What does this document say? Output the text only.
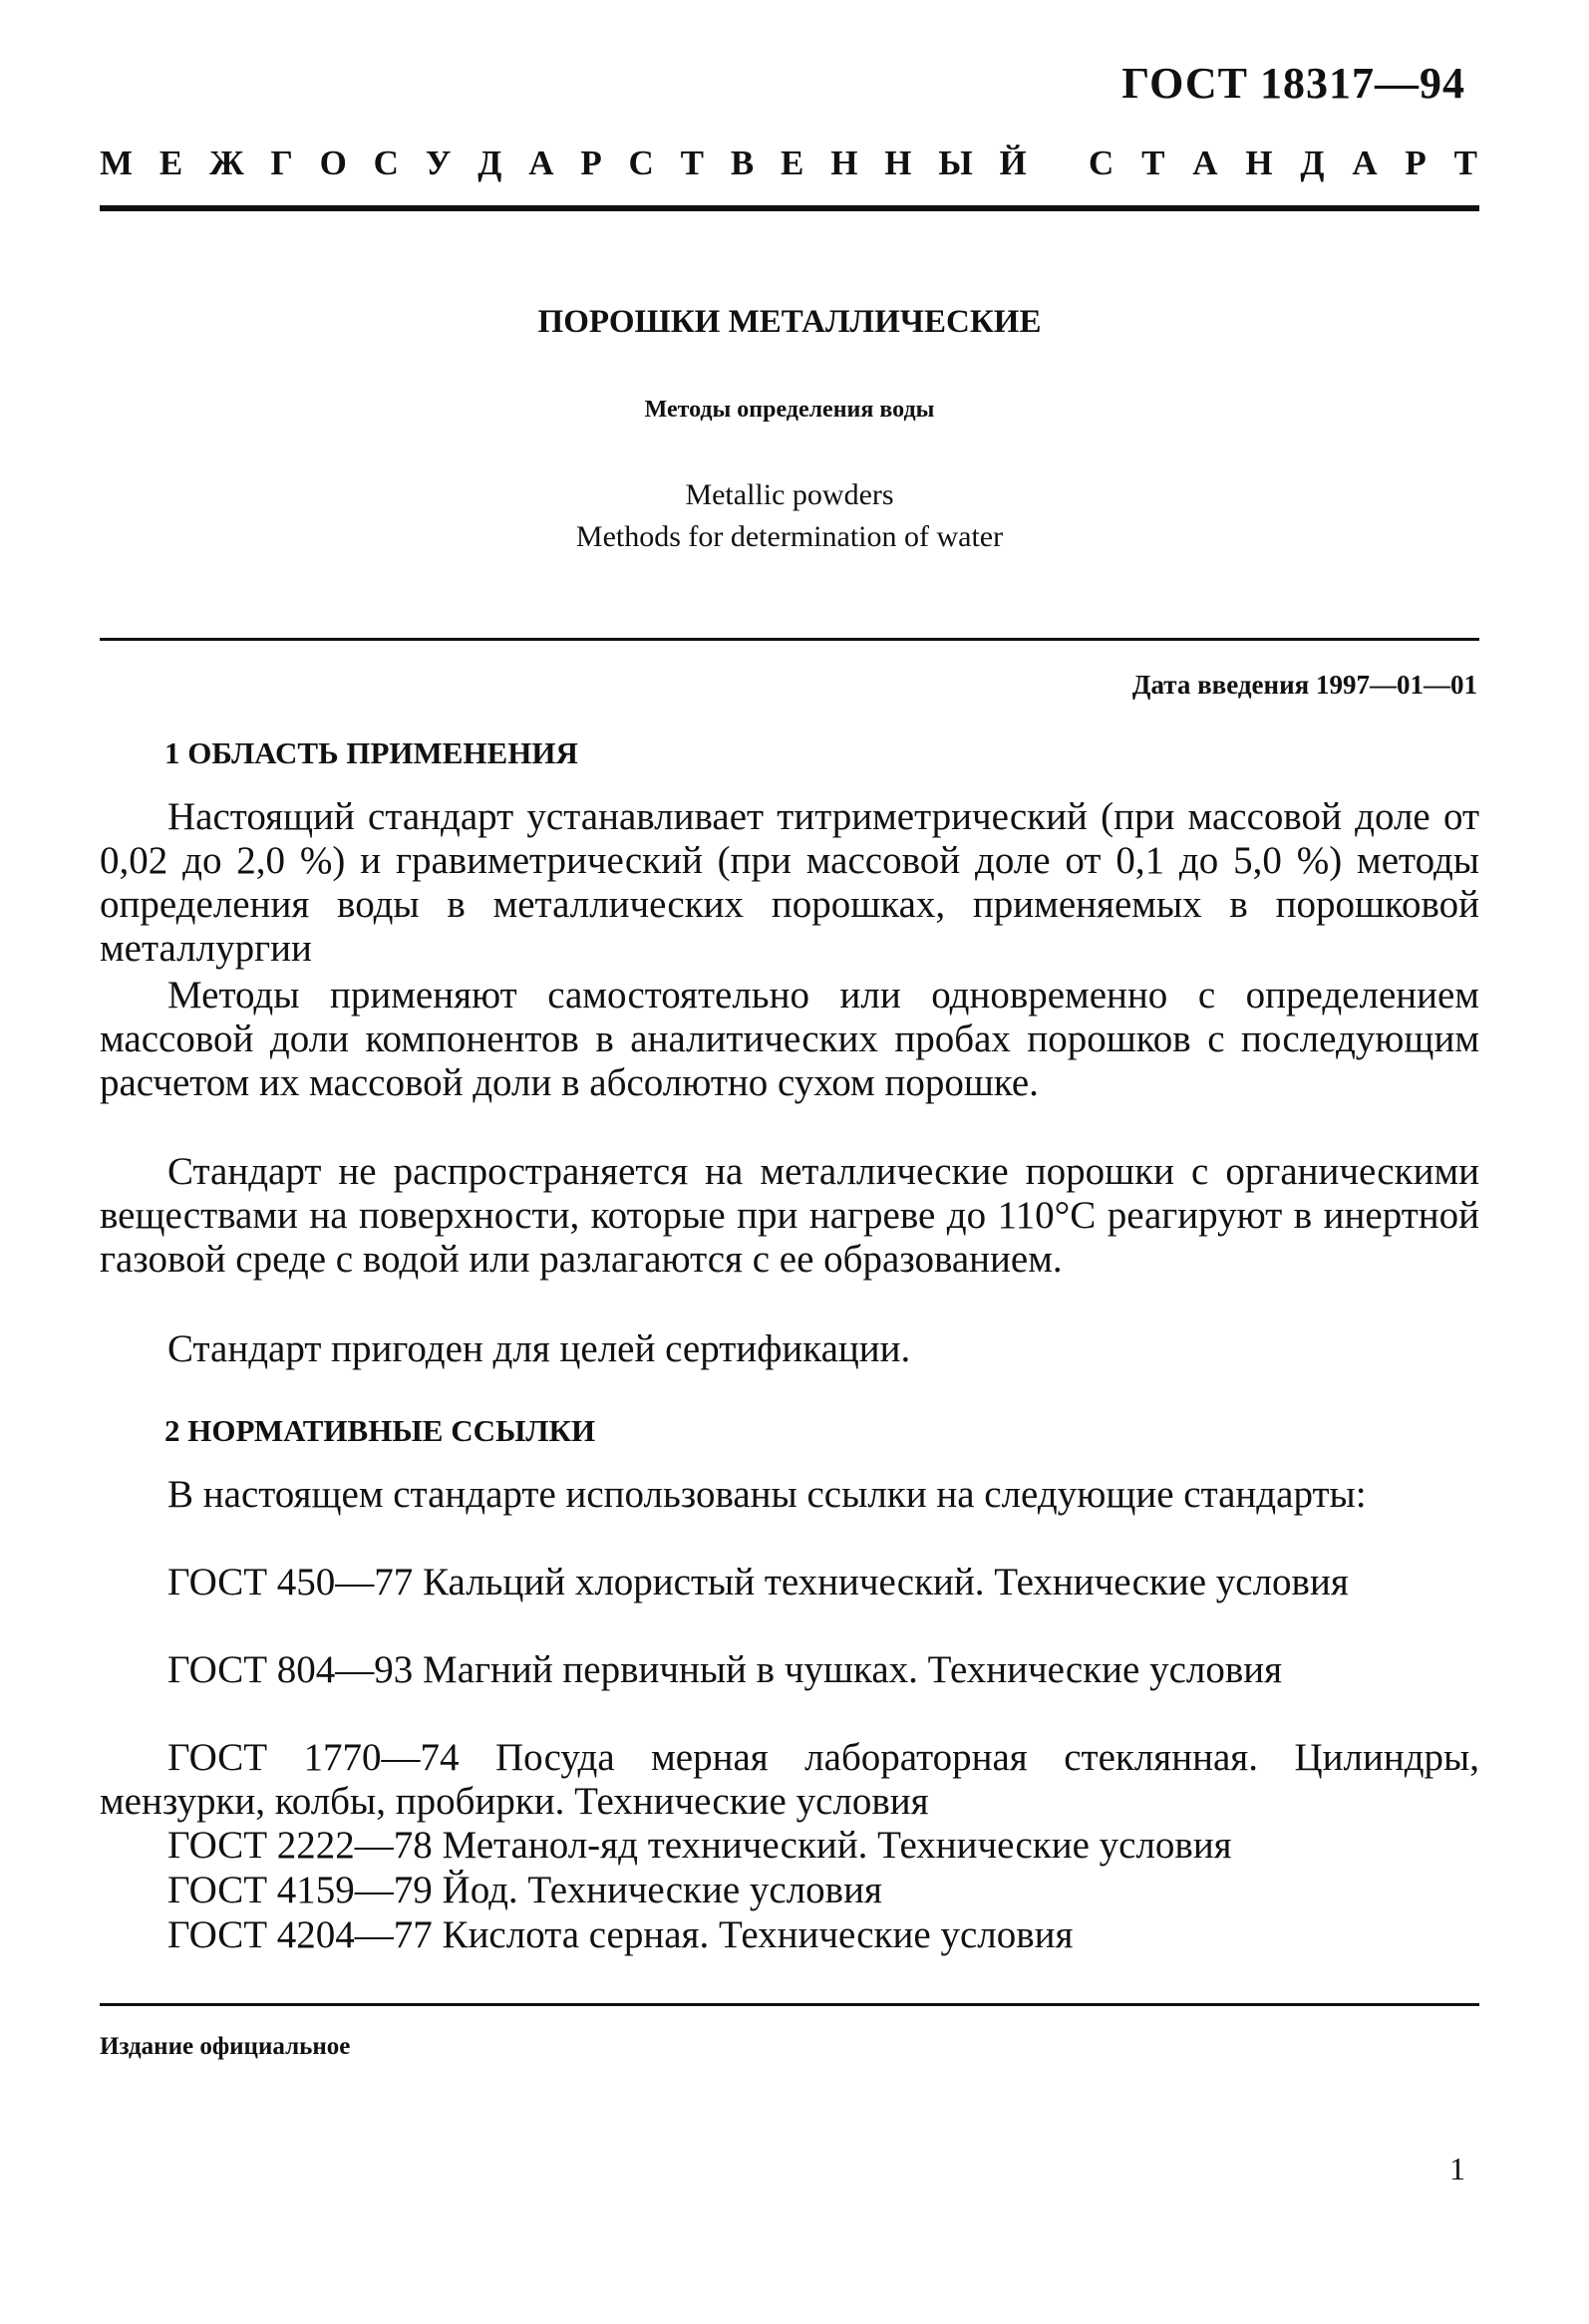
ГОСТ 18317—94
М Е Ж Г О С У Д А Р С Т В Е Н Н Ы Й С Т А Н Д А Р Т
ПОРОШКИ МЕТАЛЛИЧЕСКИЕ
Методы определения воды
Metallic powders
Methods for determination of water
Дата введения 1997—01—01
1 ОБЛАСТЬ ПРИМЕНЕНИЯ
Настоящий стандарт устанавливает титриметрический (при массовой доле от 0,02 до 2,0 %) и гравиметрический (при массовой доле от 0,1 до 5,0 %) методы определения воды в металлических порошках, применяемых в порошковой металлургии
Методы применяют самостоятельно или одновременно с определением массовой доли компонентов в аналитических пробах порошков с последующим расчетом их массовой доли в абсолютно сухом порошке.
Стандарт не распространяется на металлические порошки с органическими веществами на поверхности, которые при нагреве до 110°С реагируют в инертной газовой среде с водой или разлагаются с ее образованием.
Стандарт пригоден для целей сертификации.
2 НОРМАТИВНЫЕ ССЫЛКИ
В настоящем стандарте использованы ссылки на следующие стандарты:
ГОСТ 450—77 Кальций хлористый технический. Технические условия
ГОСТ 804—93 Магний первичный в чушках. Технические условия
ГОСТ 1770—74 Посуда мерная лабораторная стеклянная. Цилиндры, мензурки, колбы, пробирки. Технические условия
ГОСТ 2222—78 Метанол-яд технический. Технические условия
ГОСТ 4159—79 Йод. Технические условия
ГОСТ 4204—77 Кислота серная. Технические условия
Издание официальное
1
